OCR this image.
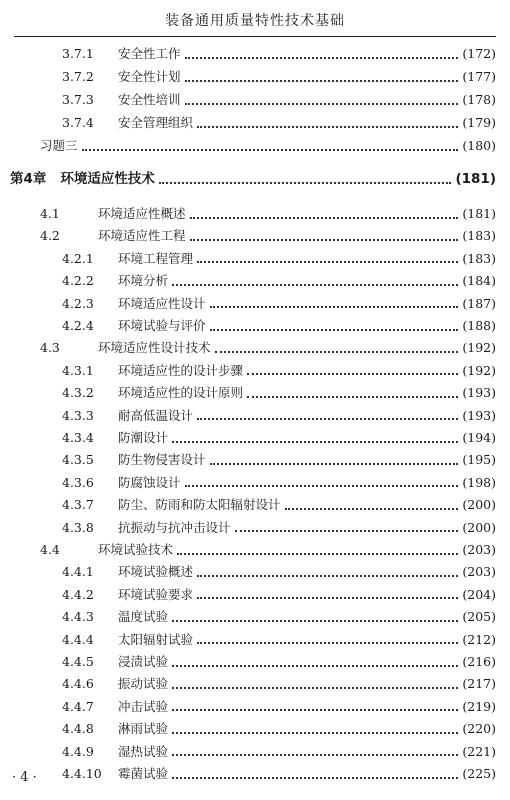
装备通用质量特性技术基础
3.7.1	安全性工作	(172)
3.7.2	安全性计划	(177)
3.7.3	安全性培训	(178)
3.7.4	安全管理组织	(179)
习题三	(180)
第4章 环境适应性技术	(181)
4.1	环境适应性概述	(181)
4.2	环境适应性工程	(183)
4.2.1	环境工程管理	(183)
4.2.2	环境分析	(184)
4.2.3	环境适应性设计	(187)
4.2.4	环境试验与评价	(188)
4.3	环境适应性设计技术	(192)
4.3.1	环境适应性的设计步骤	(192)
4.3.2	环境适应性的设计原则	(193)
4.3.3	耐高低温设计	(193)
4.3.4	防潮设计	(194)
4.3.5	防生物侵害设计	(195)
4.3.6	防腐蚀设计	(198)
4.3.7	防尘、防雨和防太阳辐射设计	(200)
4.3.8	抗振动与抗冲击设计	(200)
4.4	环境试验技术	(203)
4.4.1	环境试验概述	(203)
4.4.2	环境试验要求	(204)
4.4.3	温度试验	(205)
4.4.4	太阳辐射试验	(212)
4.4.5	浸渍试验	(216)
4.4.6	振动试验	(217)
4.4.7	冲击试验	(219)
4.4.8	淋雨试验	(220)
4.4.9	湿热试验	(221)
4.4.10	霉菌试验	(225)
· 4 ·
